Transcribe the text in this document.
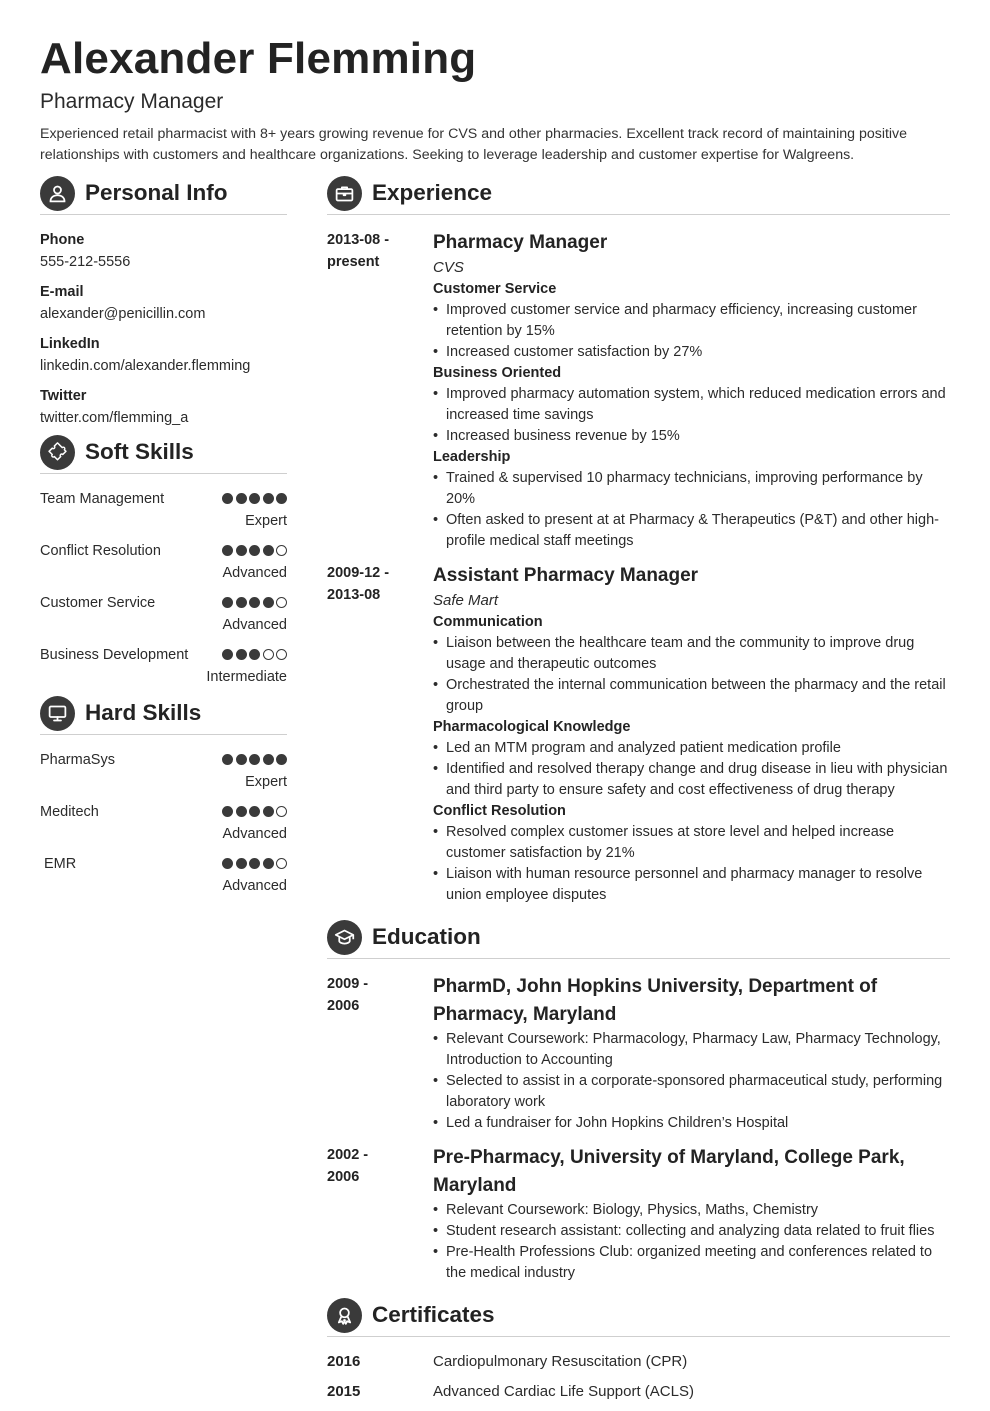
Alexander Flemming
Pharmacy Manager
Experienced retail pharmacist with 8+ years growing revenue for CVS and other pharmacies. Excellent track record of maintaining positive relationships with customers and healthcare organizations. Seeking to leverage leadership and customer expertise for Walgreens.
Personal Info
Phone
555-212-5556
E-mail
alexander@penicillin.com
LinkedIn
linkedin.com/alexander.flemming
Twitter
twitter.com/flemming_a
Soft Skills
Team Management
Expert
Conflict Resolution
Advanced
Customer Service
Advanced
Business Development
Intermediate
Hard Skills
PharmaSys
Expert
Meditech
Advanced
EMR
Advanced
Experience
2013-08 - present
Pharmacy Manager
CVS
Customer Service
• Improved customer service and pharmacy efficiency, increasing customer retention by 15%
• Increased customer satisfaction by 27%
Business Oriented
• Improved pharmacy automation system, which reduced medication errors and increased time savings
• Increased business revenue by 15%
Leadership
• Trained & supervised 10 pharmacy technicians, improving performance by 20%
• Often asked to present at at Pharmacy & Therapeutics (P&T) and other high-profile medical staff meetings
2009-12 - 2013-08
Assistant Pharmacy Manager
Safe Mart
Communication
• Liaison between the healthcare team and the community to improve drug usage and therapeutic outcomes
• Orchestrated the internal communication between the pharmacy and the retail group
Pharmacological Knowledge
• Led an MTM program and analyzed patient medication profile
• Identified and resolved therapy change and drug disease in lieu with physician and third party to ensure safety and cost effectiveness of drug therapy
Conflict Resolution
• Resolved complex customer issues at store level and helped increase customer satisfaction by 21%
• Liaison with human resource personnel and pharmacy manager to resolve union employee disputes
Education
2009 - 2006
PharmD, John Hopkins University, Department of Pharmacy, Maryland
• Relevant Coursework: Pharmacology, Pharmacy Law, Pharmacy Technology, Introduction to Accounting
• Selected to assist in a corporate-sponsored pharmaceutical study, performing laboratory work
• Led a fundraiser for John Hopkins Children’s Hospital
2002 - 2006
Pre-Pharmacy, University of Maryland, College Park, Maryland
• Relevant Coursework: Biology, Physics, Maths, Chemistry
• Student research assistant: collecting and analyzing data related to fruit flies
• Pre-Health Professions Club: organized meeting and conferences related to the medical industry
Certificates
2016	Cardiopulmonary Resuscitation (CPR)
2015	Advanced Cardiac Life Support (ACLS)
